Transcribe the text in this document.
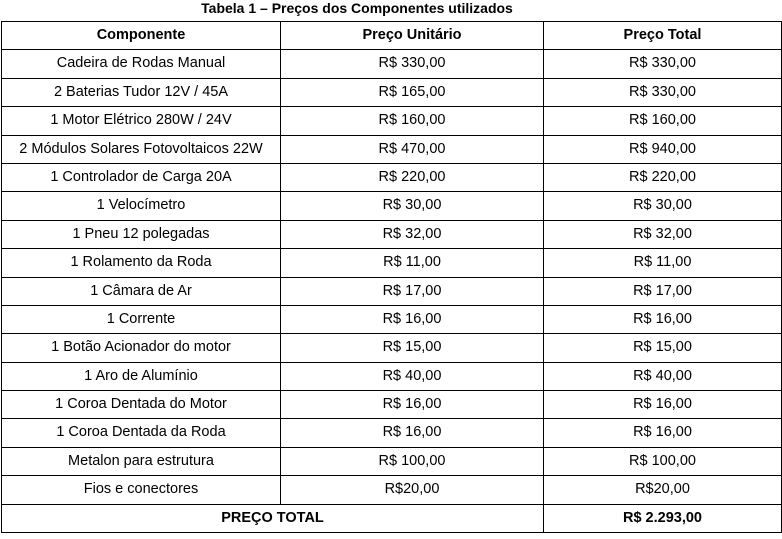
Tabela 1 – Preços dos Componentes utilizados
Componente	Preço Unitário	Preço Total
Cadeira de Rodas Manual	R$ 330,00	R$ 330,00
2 Baterias Tudor 12V / 45A	R$ 165,00	R$ 330,00
1 Motor Elétrico 280W / 24V	R$ 160,00	R$ 160,00
2 Módulos Solares Fotovoltaicos 22W	R$ 470,00	R$ 940,00
1 Controlador de Carga 20A	R$ 220,00	R$ 220,00
1 Velocímetro	R$ 30,00	R$ 30,00
1 Pneu 12 polegadas	R$ 32,00	R$ 32,00
1 Rolamento da Roda	R$ 11,00	R$ 11,00
1 Câmara de Ar	R$ 17,00	R$ 17,00
1 Corrente	R$ 16,00	R$ 16,00
1 Botão Acionador do motor	R$ 15,00	R$ 15,00
1 Aro de Alumínio	R$ 40,00	R$ 40,00
1 Coroa Dentada do Motor	R$ 16,00	R$ 16,00
1 Coroa Dentada da Roda	R$ 16,00	R$ 16,00
Metalon para estrutura	R$ 100,00	R$ 100,00
Fios e conectores	R$20,00	R$20,00
PREÇO TOTAL		R$ 2.293,00
